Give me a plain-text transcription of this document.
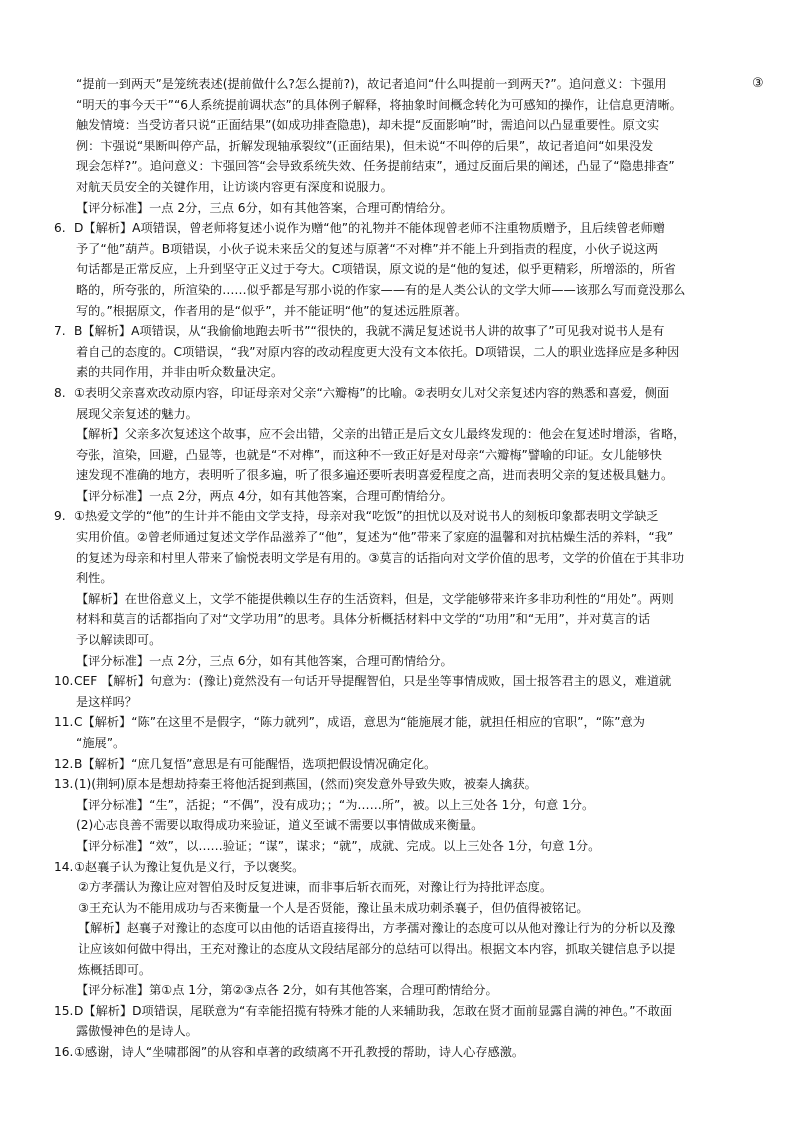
③

“提前一到两天”是笼统表述(提前做什么?怎么提前?)，故记者追问“什么叫提前一到两天?”。追问意义：卞强用

“明天的事今天干”“6人系统提前调状态”的具体例子解释，将抽象时间概念转化为可感知的操作，让信息更清晰。

触发情境：当受访者只说“正面结果”(如成功排查隐患)，却未提“反面影响”时，需追问以凸显重要性。原文实

例：卞强说“果断叫停产品，折解发现轴承裂纹”(正面结果)，但未说“不叫停的后果”，故记者追问“如果没发

现会怎样?”。追问意义：卞强回答“会导致系统失效、任务提前结束”，通过反面后果的阐述，凸显了“隐患排查”

对航天员安全的关键作用，让访谈内容更有深度和说服力。

【评分标准】一点 2分，三点 6分，如有其他答案，合理可酌情给分。

6. D【解析】A项错误，曾老师将复述小说作为赠“他”的礼物并不能体现曾老师不注重物质赠予，且后续曾老师赠

予了“他”葫芦。B项错误，小伙子说未来岳父的复述与原著“不对榫”并不能上升到指责的程度，小伙子说这两

句话都是正常反应，上升到坚守正义过于夸大。C项错误，原文说的是“他的复述，似乎更精彩，所增添的，所省

略的，所夸张的，所渲染的……似乎都是写那小说的作家——有的是人类公认的文学大师——该那么写而竟没那么

写的。”根据原文，作者用的是“似乎”，并不能证明“他”的复述远胜原著。

7. B【解析】A项错误，从“我偷偷地跑去听书”“很快的，我就不满足复述说书人讲的故事了”可见我对说书人是有

着自己的态度的。C项错误，“我”对原内容的改动程度更大没有文本依托。D项错误，二人的职业选择应是多种因

素的共同作用，并非由听众数量决定。

8. ①表明父亲喜欢改动原内容，印证母亲对父亲“六瓣梅”的比喻。②表明女儿对父亲复述内容的熟悉和喜爱，侧面

展现父亲复述的魅力。

【解析】父亲多次复述这个故事，应不会出错，父亲的出错正是后文女儿最终发现的：他会在复述时增添，省略，

夸张，渲染，回避，凸显等，也就是“不对榫”，而这种不一致正好是对母亲“六瓣梅”譬喻的印证。女儿能够快

速发现不准确的地方，表明听了很多遍，听了很多遍还要听表明喜爱程度之高，进而表明父亲的复述极具魅力。

【评分标准】一点 2分，两点 4分，如有其他答案，合理可酌情给分。

9. ①热爱文学的“他”的生计并不能由文学支持，母亲对我“吃饭”的担忧以及对说书人的刻板印象都表明文学缺乏

实用价值。②曾老师通过复述文学作品滋养了“他”，复述为“他”带来了家庭的温馨和对抗枯燥生活的养料，“我”

的复述为母亲和村里人带来了愉悦表明文学是有用的。③莫言的话指向对文学价值的思考，文学的价值在于其非功

利性。

【解析】在世俗意义上，文学不能提供赖以生存的生活资料，但是，文学能够带来许多非功利性的“用处”。两则

材料和莫言的话都指向了对“文学功用”的思考。具体分析概括材料中文学的“功用”和“无用”，并对莫言的话

予以解读即可。

【评分标准】一点 2分，三点 6分，如有其他答案，合理可酌情给分。

10.CEF 【解析】句意为：(豫让)竟然没有一句话开导提醒智伯，只是坐等事情成败，国士报答君主的恩义，难道就

是这样吗？

11.C【解析】“陈”在这里不是假字，“陈力就列”，成语，意思为“能施展才能，就担任相应的官职”，“陈”意为

“施展”。

12.B【解析】“庶几复悟”意思是有可能醒悟，选项把假设情况确定化。

13.(1)(荆轲)原本是想劫持秦王将他活捉到燕国，(然而)突发意外导致失败，被秦人擒获。

【评分标准】“生”，活捉；“不偶”，没有成功；；“为……所”，被。以上三处各 1分，句意 1分。

(2)心志良善不需要以取得成功来验证，道义至诚不需要以事情做成来衡量。

【评分标准】“效”，以……验证；“谋”，谋求；“就”，成就、完成。以上三处各 1分，句意 1分。

14.①赵襄子认为豫让复仇是义行，予以褒奖。

②方孝孺认为豫让应对智伯及时反复进谏，而非事后斩衣而死，对豫让行为持批评态度。

③王充认为不能用成功与否来衡量一个人是否贤能，豫让虽未成功刺杀襄子，但仍值得被铭记。

【解析】赵襄子对豫让的态度可以由他的话语直接得出，方孝孺对豫让的态度可以从他对豫让行为的分析以及豫

让应该如何做中得出，王充对豫让的态度从文段结尾部分的总结可以得出。根据文本内容，抓取关键信息予以提

炼概括即可。

【评分标准】第①点 1分，第②③点各 2分，如有其他答案，合理可酌情给分。

15.D【解析】D项错误，尾联意为“有幸能招揽有特殊才能的人来辅助我，怎敢在贤才面前显露自满的神色。”不敢面

露傲慢神色的是诗人。

16.①感谢，诗人“坐啸郡阁”的从容和卓著的政绩离不开孔教授的帮助，诗人心存感激。
